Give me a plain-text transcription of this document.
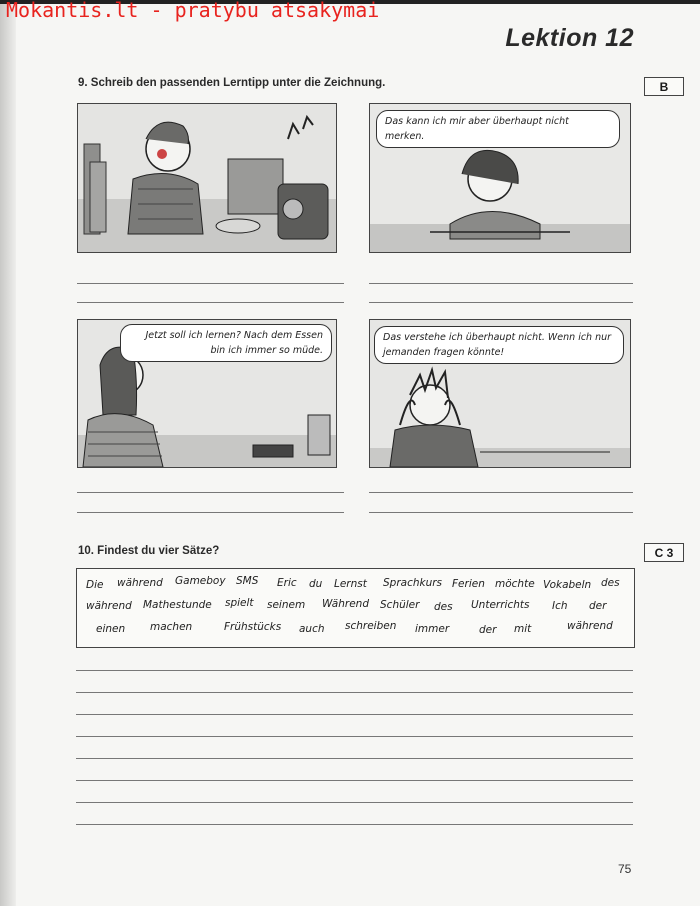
Mokantis.lt - pratybu atsakymai
Lektion 12
9. Schreib den passenden Lerntipp unter die Zeichnung.	B
Das kann ich mir aber überhaupt nicht merken.
Jetzt soll ich lernen? Nach dem Essen bin ich immer so müde.
Das verstehe ich überhaupt nicht. Wenn ich nur jemanden fragen könnte!
10. Findest du vier Sätze?	C 3
Die während Gameboy SMS Eric du Lernst Sprachkurs Ferien möchte Vokabeln des
während Mathestunde spielt seinem Während Schüler des Unterrichts Ich der
einen machen	Frühstücks auch schreiben immer	der mit	während
75
